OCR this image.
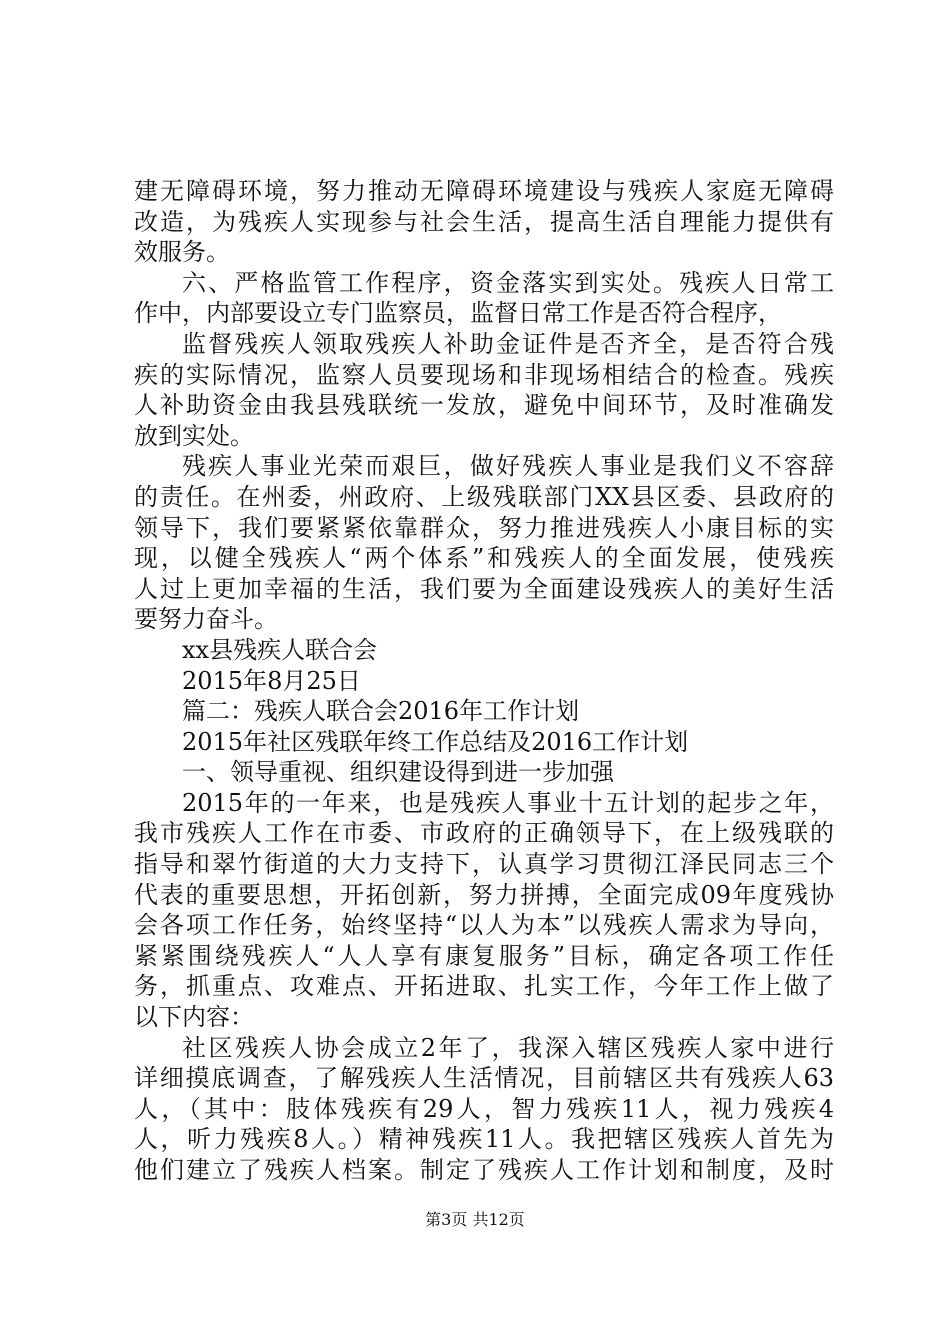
建无障碍环境，努力推动无障碍环境建设与残疾人家庭无障碍
改造，为残疾人实现参与社会生活，提高生活自理能力提供有
效服务。
六、严格监管工作程序，资金落实到实处。残疾人日常工
作中，内部要设立专门监察员，监督日常工作是否符合程序，
监督残疾人领取残疾人补助金证件是否齐全，是否符合残
疾的实际情况，监察人员要现场和非现场相结合的检查。残疾
人补助资金由我县残联统一发放，避免中间环节，及时准确发
放到实处。
残疾人事业光荣而艰巨，做好残疾人事业是我们义不容辞
的责任。在州委，州政府、上级残联部门XX县区委、县政府的
领导下，我们要紧紧依靠群众，努力推进残疾人小康目标的实
现，以健全残疾人“两个体系”和残疾人的全面发展，使残疾
人过上更加幸福的生活，我们要为全面建设残疾人的美好生活
要努力奋斗。
xx县残疾人联合会
2015年8月25日
篇二：残疾人联合会2016年工作计划
2015年社区残联年终工作总结及2016工作计划
一、领导重视、组织建设得到进一步加强
2015年的一年来，也是残疾人事业十五计划的起步之年，
我市残疾人工作在市委、市政府的正确领导下，在上级残联的
指导和翠竹街道的大力支持下，认真学习贯彻江泽民同志三个
代表的重要思想，开拓创新，努力拼搏，全面完成09年度残协
会各项工作任务，始终坚持“以人为本”以残疾人需求为导向，
紧紧围绕残疾人“人人享有康复服务”目标，确定各项工作任
务，抓重点、攻难点、开拓进取、扎实工作，今年工作上做了
以下内容：
社区残疾人协会成立2年了，我深入辖区残疾人家中进行
详细摸底调查，了解残疾人生活情况，目前辖区共有残疾人63
人，（其中：肢体残疾有29人，智力残疾11人，视力残疾4
人，听力残疾8人。）精神残疾11人。我把辖区残疾人首先为
他们建立了残疾人档案。制定了残疾人工作计划和制度，及时
第3页 共12页
